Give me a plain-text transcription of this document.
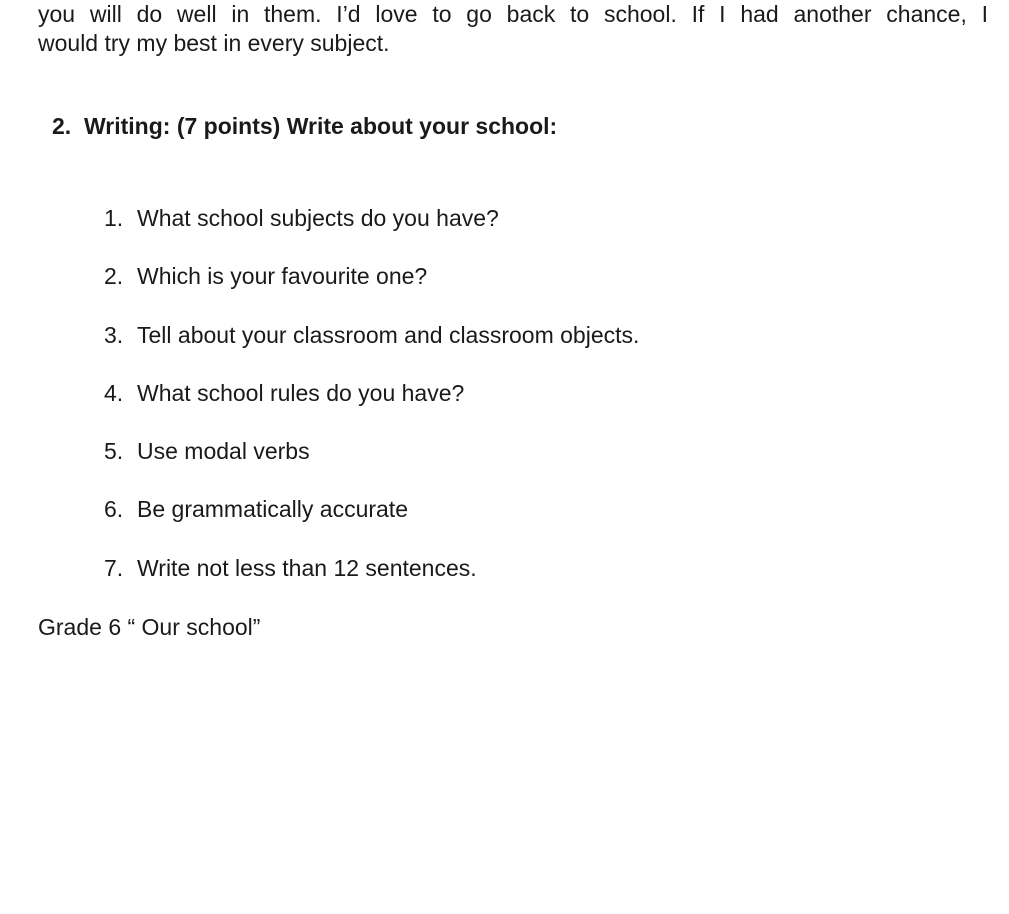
you will do well in them. I’d love to go back to school. If I had another chance, I
would try my best in every subject.

2. Writing: (7 points) Write about your school:
1. What school subjects do you have?
2. Which is your favourite one?
3. Tell about your classroom and classroom objects.
4. What school rules do you have?
5. Use modal verbs
6. Be grammatically accurate
7. Write not less than 12 sentences.

Grade 6 “ Our school”
